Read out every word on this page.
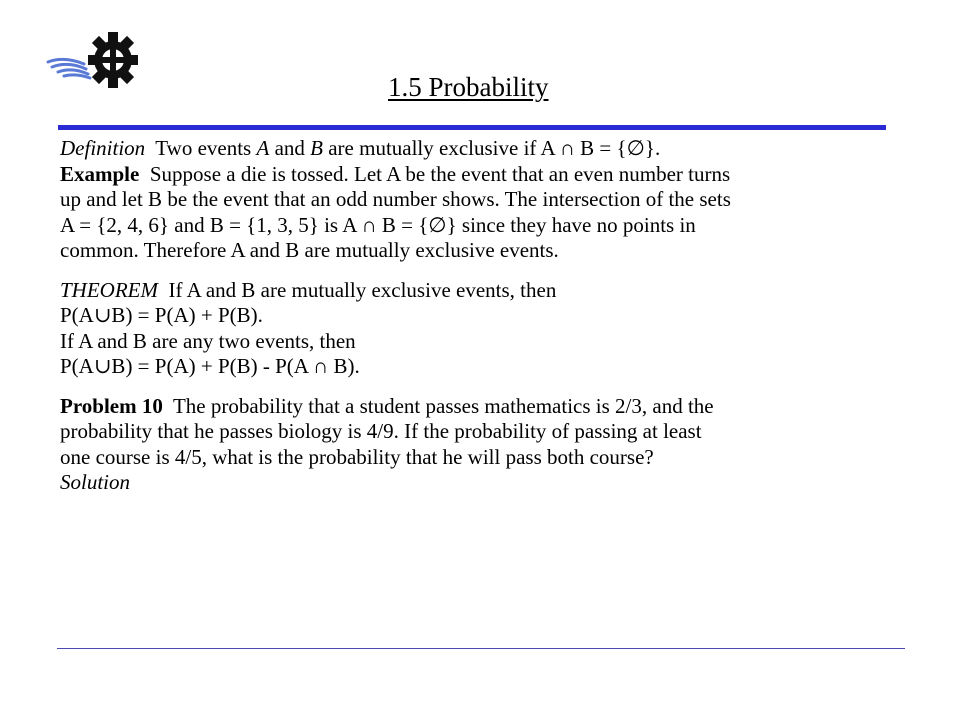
1.5 Probability

Definition Two events A and B are mutually exclusive if A ∩ B = {∅}.
Example Suppose a die is tossed. Let A be the event that an even number turns
up and let B be the event that an odd number shows. The intersection of the sets
A = {2, 4, 6} and B = {1, 3, 5} is A ∩ B = {∅} since they have no points in
common. Therefore A and B are mutually exclusive events.

THEOREM If A and B are mutually exclusive events, then
P(A∪B) = P(A) + P(B).
If A and B are any two events, then
P(A∪B) = P(A) + P(B) - P(A ∩ B).

Problem 10 The probability that a student passes mathematics is 2/3, and the
probability that he passes biology is 4/9. If the probability of passing at least
one course is 4/5, what is the probability that he will pass both course?
Solution
